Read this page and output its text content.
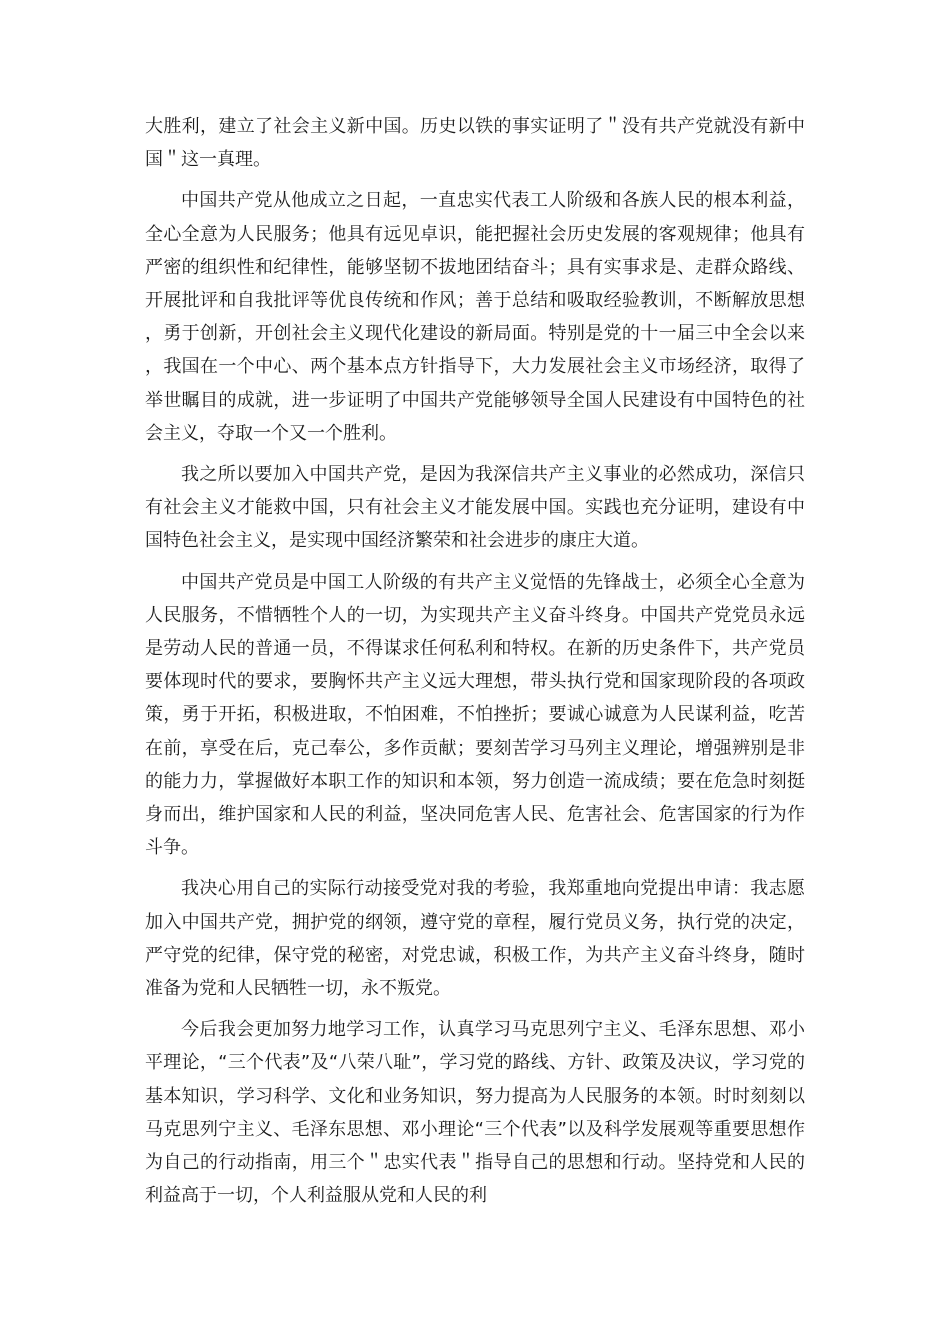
大胜利，建立了社会主义新中国。历史以铁的事实证明了＂没有共产党就没有新中国＂这一真理。

中国共产党从他成立之日起，一直忠实代表工人阶级和各族人民的根本利益，全心全意为人民服务；他具有远见卓识，能把握社会历史发展的客观规律；他具有严密的组织性和纪律性，能够坚韧不拔地团结奋斗；具有实事求是、走群众路线、开展批评和自我批评等优良传统和作风；善于总结和吸取经验教训，不断解放思想，勇于创新，开创社会主义现代化建设的新局面。特别是党的十一届三中全会以来，我国在一个中心、两个基本点方针指导下，大力发展社会主义市场经济，取得了举世瞩目的成就，进一步证明了中国共产党能够领导全国人民建设有中国特色的社会主义，夺取一个又一个胜利。

我之所以要加入中国共产党，是因为我深信共产主义事业的必然成功，深信只有社会主义才能救中国，只有社会主义才能发展中国。实践也充分证明，建设有中国特色社会主义，是实现中国经济繁荣和社会进步的康庄大道。

中国共产党员是中国工人阶级的有共产主义觉悟的先锋战士，必须全心全意为人民服务，不惜牺牲个人的一切，为实现共产主义奋斗终身。中国共产党党员永远是劳动人民的普通一员，不得谋求任何私利和特权。在新的历史条件下，共产党员要体现时代的要求，要胸怀共产主义远大理想，带头执行党和国家现阶段的各项政策，勇于开拓，积极进取，不怕困难，不怕挫折；要诚心诚意为人民谋利益，吃苦在前，享受在后，克己奉公，多作贡献；要刻苦学习马列主义理论，增强辨别是非的能力力，掌握做好本职工作的知识和本领，努力创造一流成绩；要在危急时刻挺身而出，维护国家和人民的利益，坚决同危害人民、危害社会、危害国家的行为作斗争。

我决心用自己的实际行动接受党对我的考验，我郑重地向党提出申请：我志愿加入中国共产党，拥护党的纲领，遵守党的章程，履行党员义务，执行党的决定，严守党的纪律，保守党的秘密，对党忠诚，积极工作，为共产主义奋斗终身，随时准备为党和人民牺牲一切，永不叛党。

今后我会更加努力地学习工作，认真学习马克思列宁主义、毛泽东思想、邓小平理论，“三个代表”及“八荣八耻”，学习党的路线、方针、政策及决议，学习党的基本知识，学习科学、文化和业务知识，努力提高为人民服务的本领。时时刻刻以马克思列宁主义、毛泽东思想、邓小理论“三个代表”以及科学发展观等重要思想作为自己的行动指南，用三个＂忠实代表＂指导自己的思想和行动。坚持党和人民的利益高于一切，个人利益服从党和人民的利
